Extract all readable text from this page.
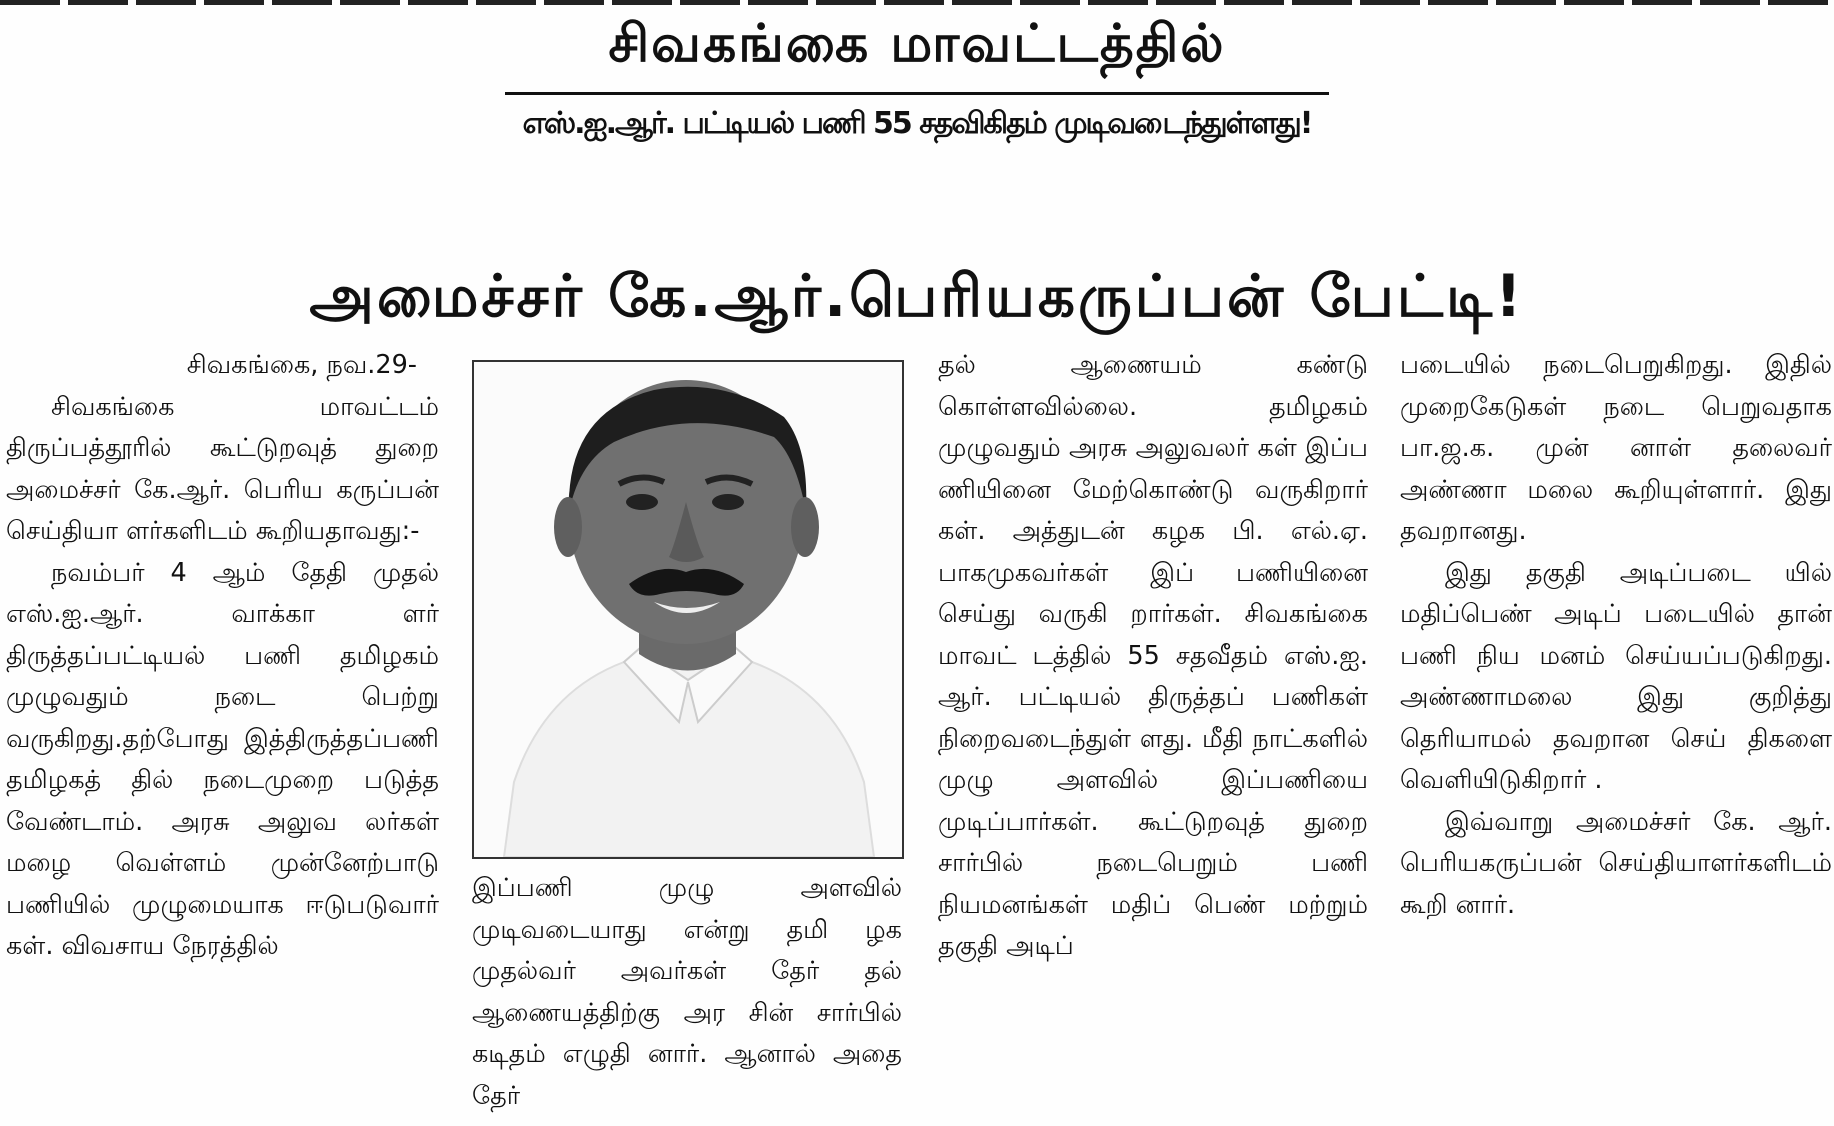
சிவகங்கை மாவட்டத்தில்
எஸ்.ஐ.ஆர். பட்டியல் பணி 55 சதவிகிதம் முடிவடைந்துள்ளது!
அமைச்சர் கே.ஆர்.பெரியகருப்பன் பேட்டி!

சிவகங்கை, நவ.29-

சிவகங்கை மாவட்டம் திருப்பத்தூரில் கூட்டுறவுத் துறை அமைச்சர் கே.ஆர். பெரிய கருப்பன் செய்தியா ளர்களிடம் கூறியதாவது:-

நவம்பர் 4 ஆம் தேதி முதல் எஸ்.ஐ.ஆர். வாக்கா ளர் திருத்தப்பட்டியல் பணி தமிழகம் முழுவதும் நடை பெற்று வருகிறது.தற்போது இத்திருத்தப்பணி தமிழகத் தில் நடைமுறை படுத்த வேண்டாம். அரசு அலுவ லர்கள் மழை வெள்ளம் முன்னேற்பாடு பணியில் முழுமையாக ஈடுபடுவார் கள். விவசாய நேரத்தில்

இப்பணி முழு அளவில் முடிவடையாது என்று தமி ழக முதல்வர் அவர்கள் தேர் தல் ஆணையத்திற்கு அர சின் சார்பில் கடிதம் எழுதி னார். ஆனால் அதை தேர்

தல் ஆணையம் கண்டு கொள்ளவில்லை. தமிழகம் முழுவதும் அரசு அலுவலர் கள் இப்ப ணியினை மேற்கொண்டு வருகிறார் கள். அத்துடன் கழக பி. எல்.ஏ. பாகமுகவர்கள் இப் பணியினை செய்து வருகி றார்கள். சிவகங்கை மாவட் டத்தில் 55 சதவீதம் எஸ்.ஐ. ஆர். பட்டியல் திருத்தப் பணிகள் நிறைவடைந்துள் ளது. மீதி நாட்களில் முழு அளவில் இப்பணியை முடிப்பார்கள். கூட்டுறவுத் துறை சார்பில் நடைபெறும் பணி நியமனங்கள் மதிப் பெண் மற்றும் தகுதி அடிப்

படையில் நடைபெறுகிறது. இதில் முறைகேடுகள் நடை பெறுவதாக பா.ஜ.க. முன் னாள் தலைவர் அண்ணா மலை கூறியுள்ளார். இது தவறானது.

இது தகுதி அடிப்படை யில் மதிப்பெண் அடிப் படையில் தான் பணி நிய மனம் செய்யப்படுகிறது. அண்ணாமலை இது குறித்து தெரியாமல் தவறான செய் திகளை வெளியிடுகிறார் .

இவ்வாறு அமைச்சர் கே. ஆர். பெரியகருப்பன் செய்தியாளர்களிடம் கூறி னார்.
